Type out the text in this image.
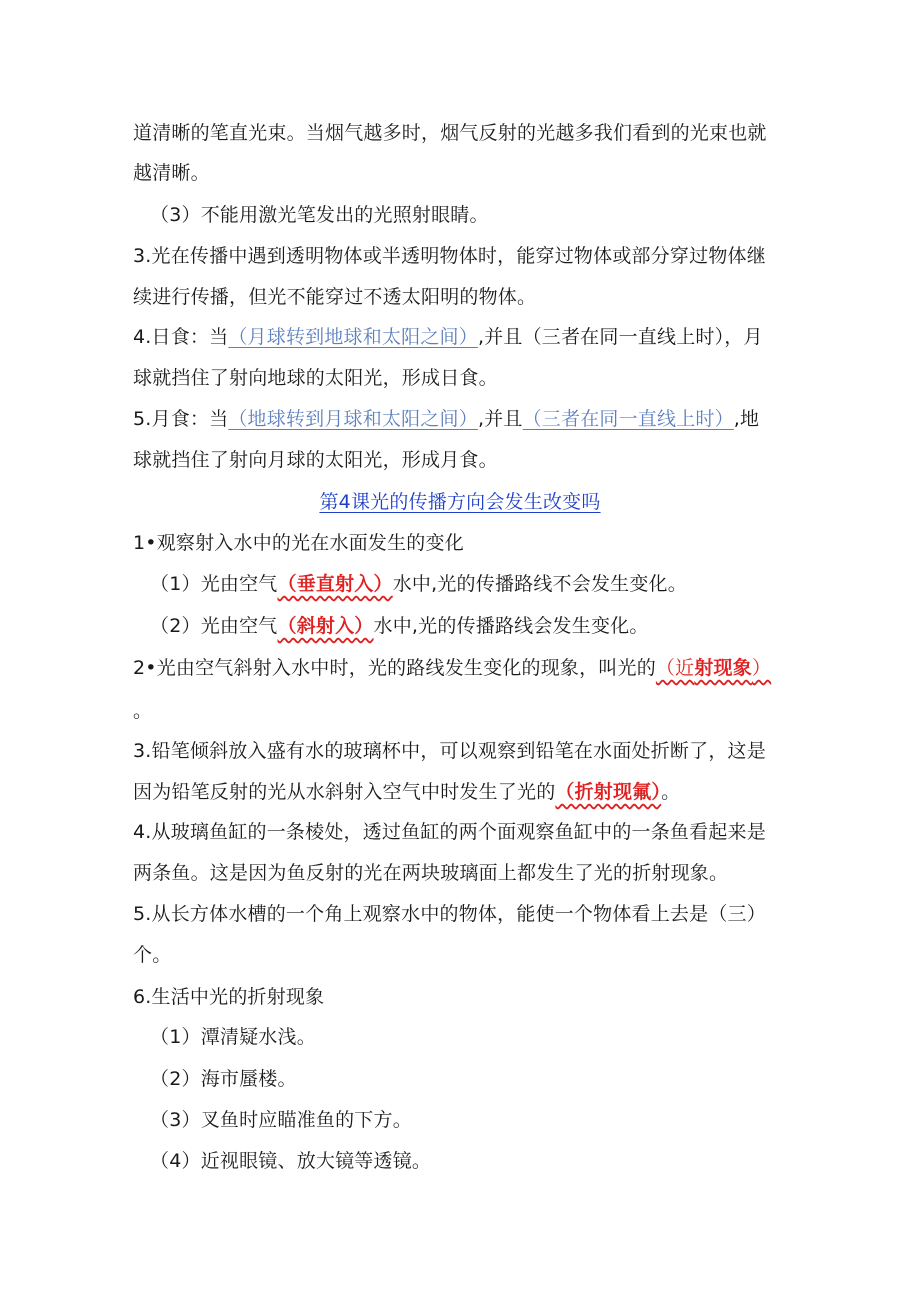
道清晰的笔直光束。当烟气越多时，烟气反射的光越多我们看到的光束也就
越清晰。
（3）不能用激光笔发出的光照射眼睛。
3.光在传播中遇到透明物体或半透明物体时，能穿过物体或部分穿过物体继
续进行传播，但光不能穿过不透太阳明的物体。
4.日食：当（月球转到地球和太阳之间）,并且（三者在同一直线上时），月
球就挡住了射向地球的太阳光，形成日食。
5.月食：当（地球转到月球和太阳之间）,并且（三者在同一直线上时）,地
球就挡住了射向月球的太阳光，形成月食。
第4课光的传播方向会发生改变吗
1•观察射入水中的光在水面发生的变化
（1）光由空气（垂直射入）水中,光的传播路线不会发生变化。
（2）光由空气（斜射入）水中,光的传播路线会发生变化。
2•光由空气斜射入水中时，光的路线发生变化的现象，叫光的（近射现象）
。
3.铅笔倾斜放入盛有水的玻璃杯中，可以观察到铅笔在水面处折断了，这是
因为铅笔反射的光从水斜射入空气中时发生了光的（折射现氟）。
4.从玻璃鱼缸的一条棱处，透过鱼缸的两个面观察鱼缸中的一条鱼看起来是
两条鱼。这是因为鱼反射的光在两块玻璃面上都发生了光的折射现象。
5.从长方体水槽的一个角上观察水中的物体，能使一个物体看上去是（三）
个。
6.生活中光的折射现象
（1）潭清疑水浅。
（2）海市蜃楼。
（3）叉鱼时应瞄准鱼的下方。
（4）近视眼镜、放大镜等透镜。
